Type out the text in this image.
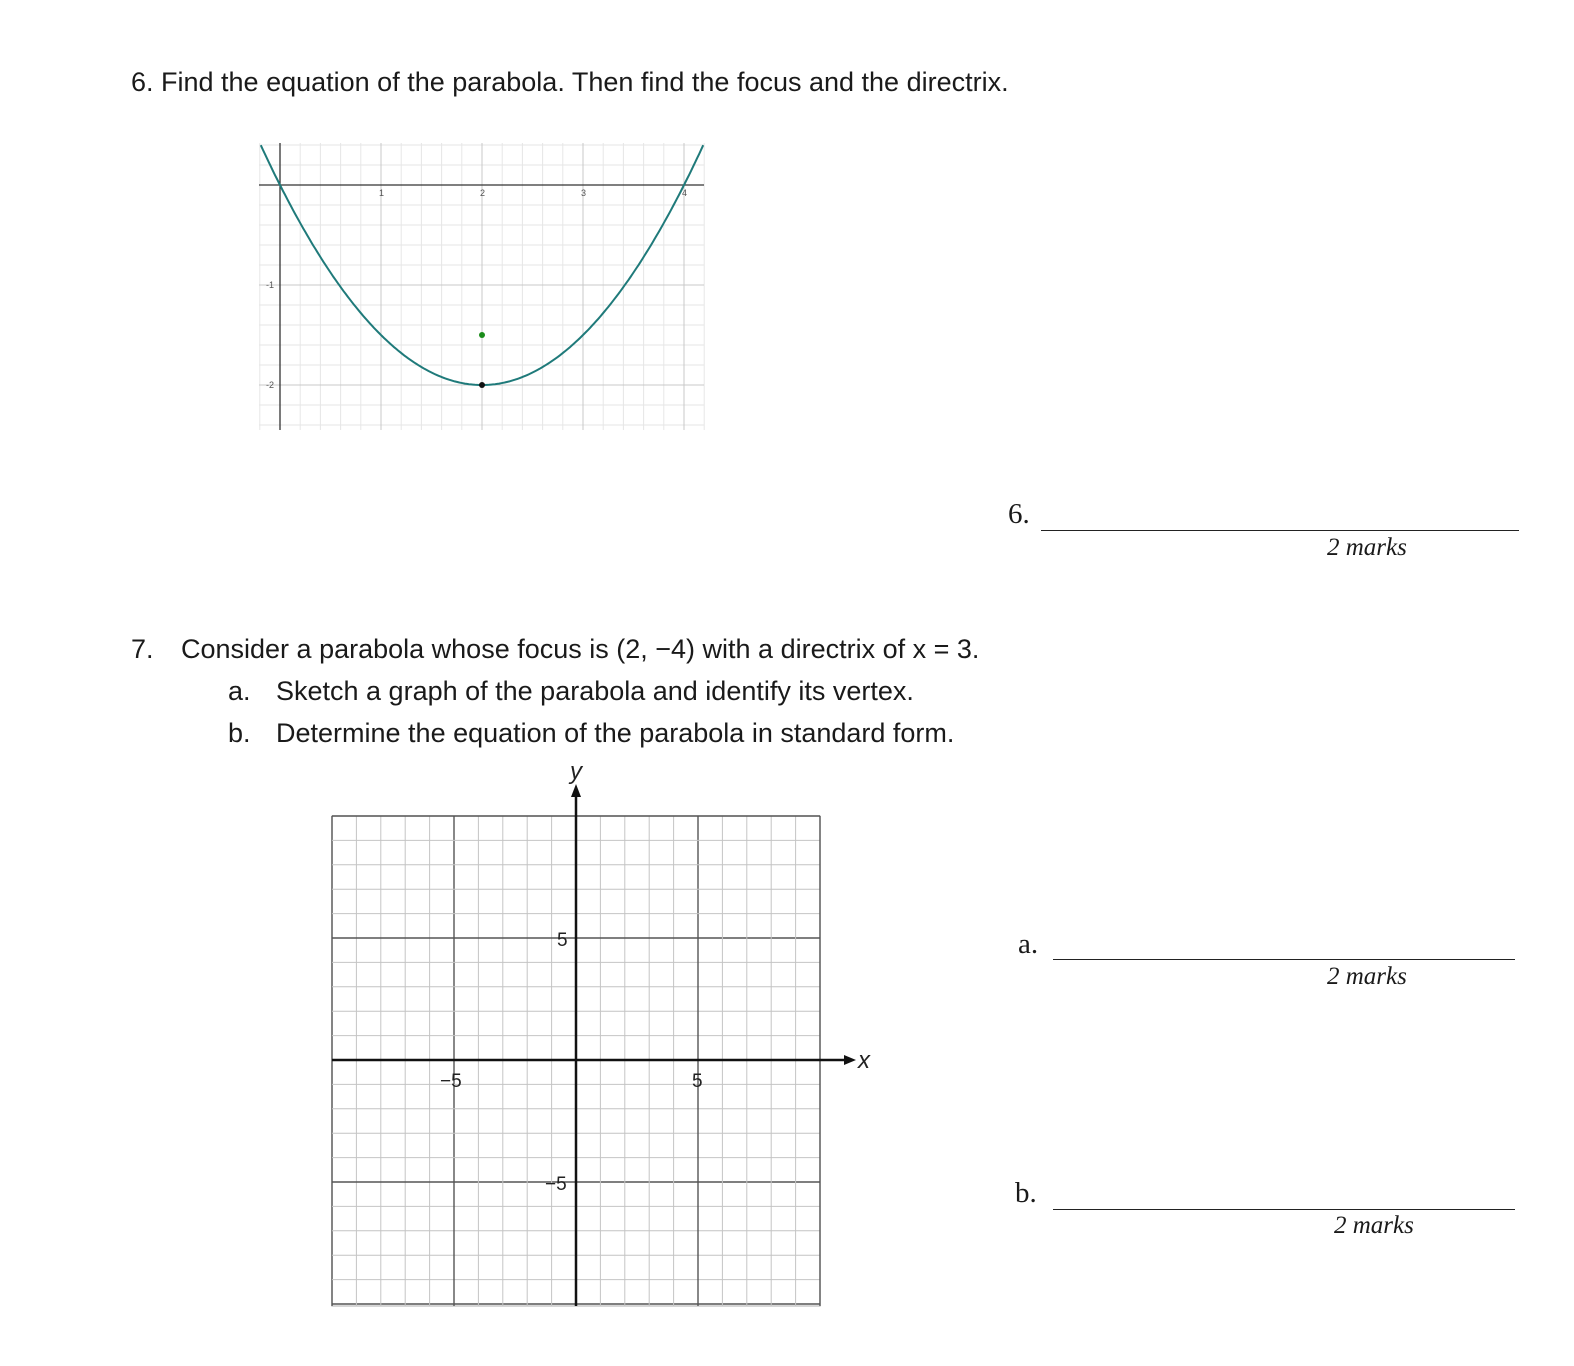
6. Find the equation of the parabola. Then find the focus and the directrix.
1	2	3	4
-1
-2
6.
2 marks
7. Consider a parabola whose focus is (2, −4) with a directrix of x = 3.
a. Sketch a graph of the parabola and identify its vertex.
b. Determine the equation of the parabola in standard form.
x
y
−5	5
5
−5
a.
2 marks
b.
2 marks
